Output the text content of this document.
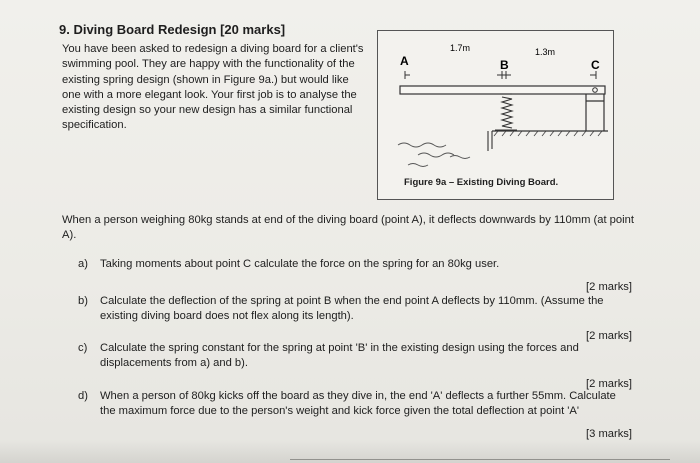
9. Diving Board Redesign [20 marks]

You have been asked to redesign a diving board for a client's swimming pool. They are happy with the functionality of the existing spring design (shown in Figure 9a.) but would like one with a more elegant look. Your first job is to analyse the existing design so your new design has a similar functional specification.

1.7m	1.3m
A	B	C
Figure 9a – Existing Diving Board.

When a person weighing 80kg stands at end of the diving board (point A), it deflects downwards by 110mm (at point A).

a) Taking moments about point C calculate the force on the spring for an 80kg user.

[2 marks]
b) Calculate the deflection of the spring at point B when the end point A deflects by 110mm. (Assume the existing diving board does not flex along its length).

[2 marks]
c) Calculate the spring constant for the spring at point 'B' in the existing design using the forces and displacements from a) and b).

[2 marks]
d) When a person of 80kg kicks off the board as they dive in, the end 'A' deflects a further 55mm. Calculate the maximum force due to the person's weight and kick force given the total deflection at point 'A'

[3 marks]
